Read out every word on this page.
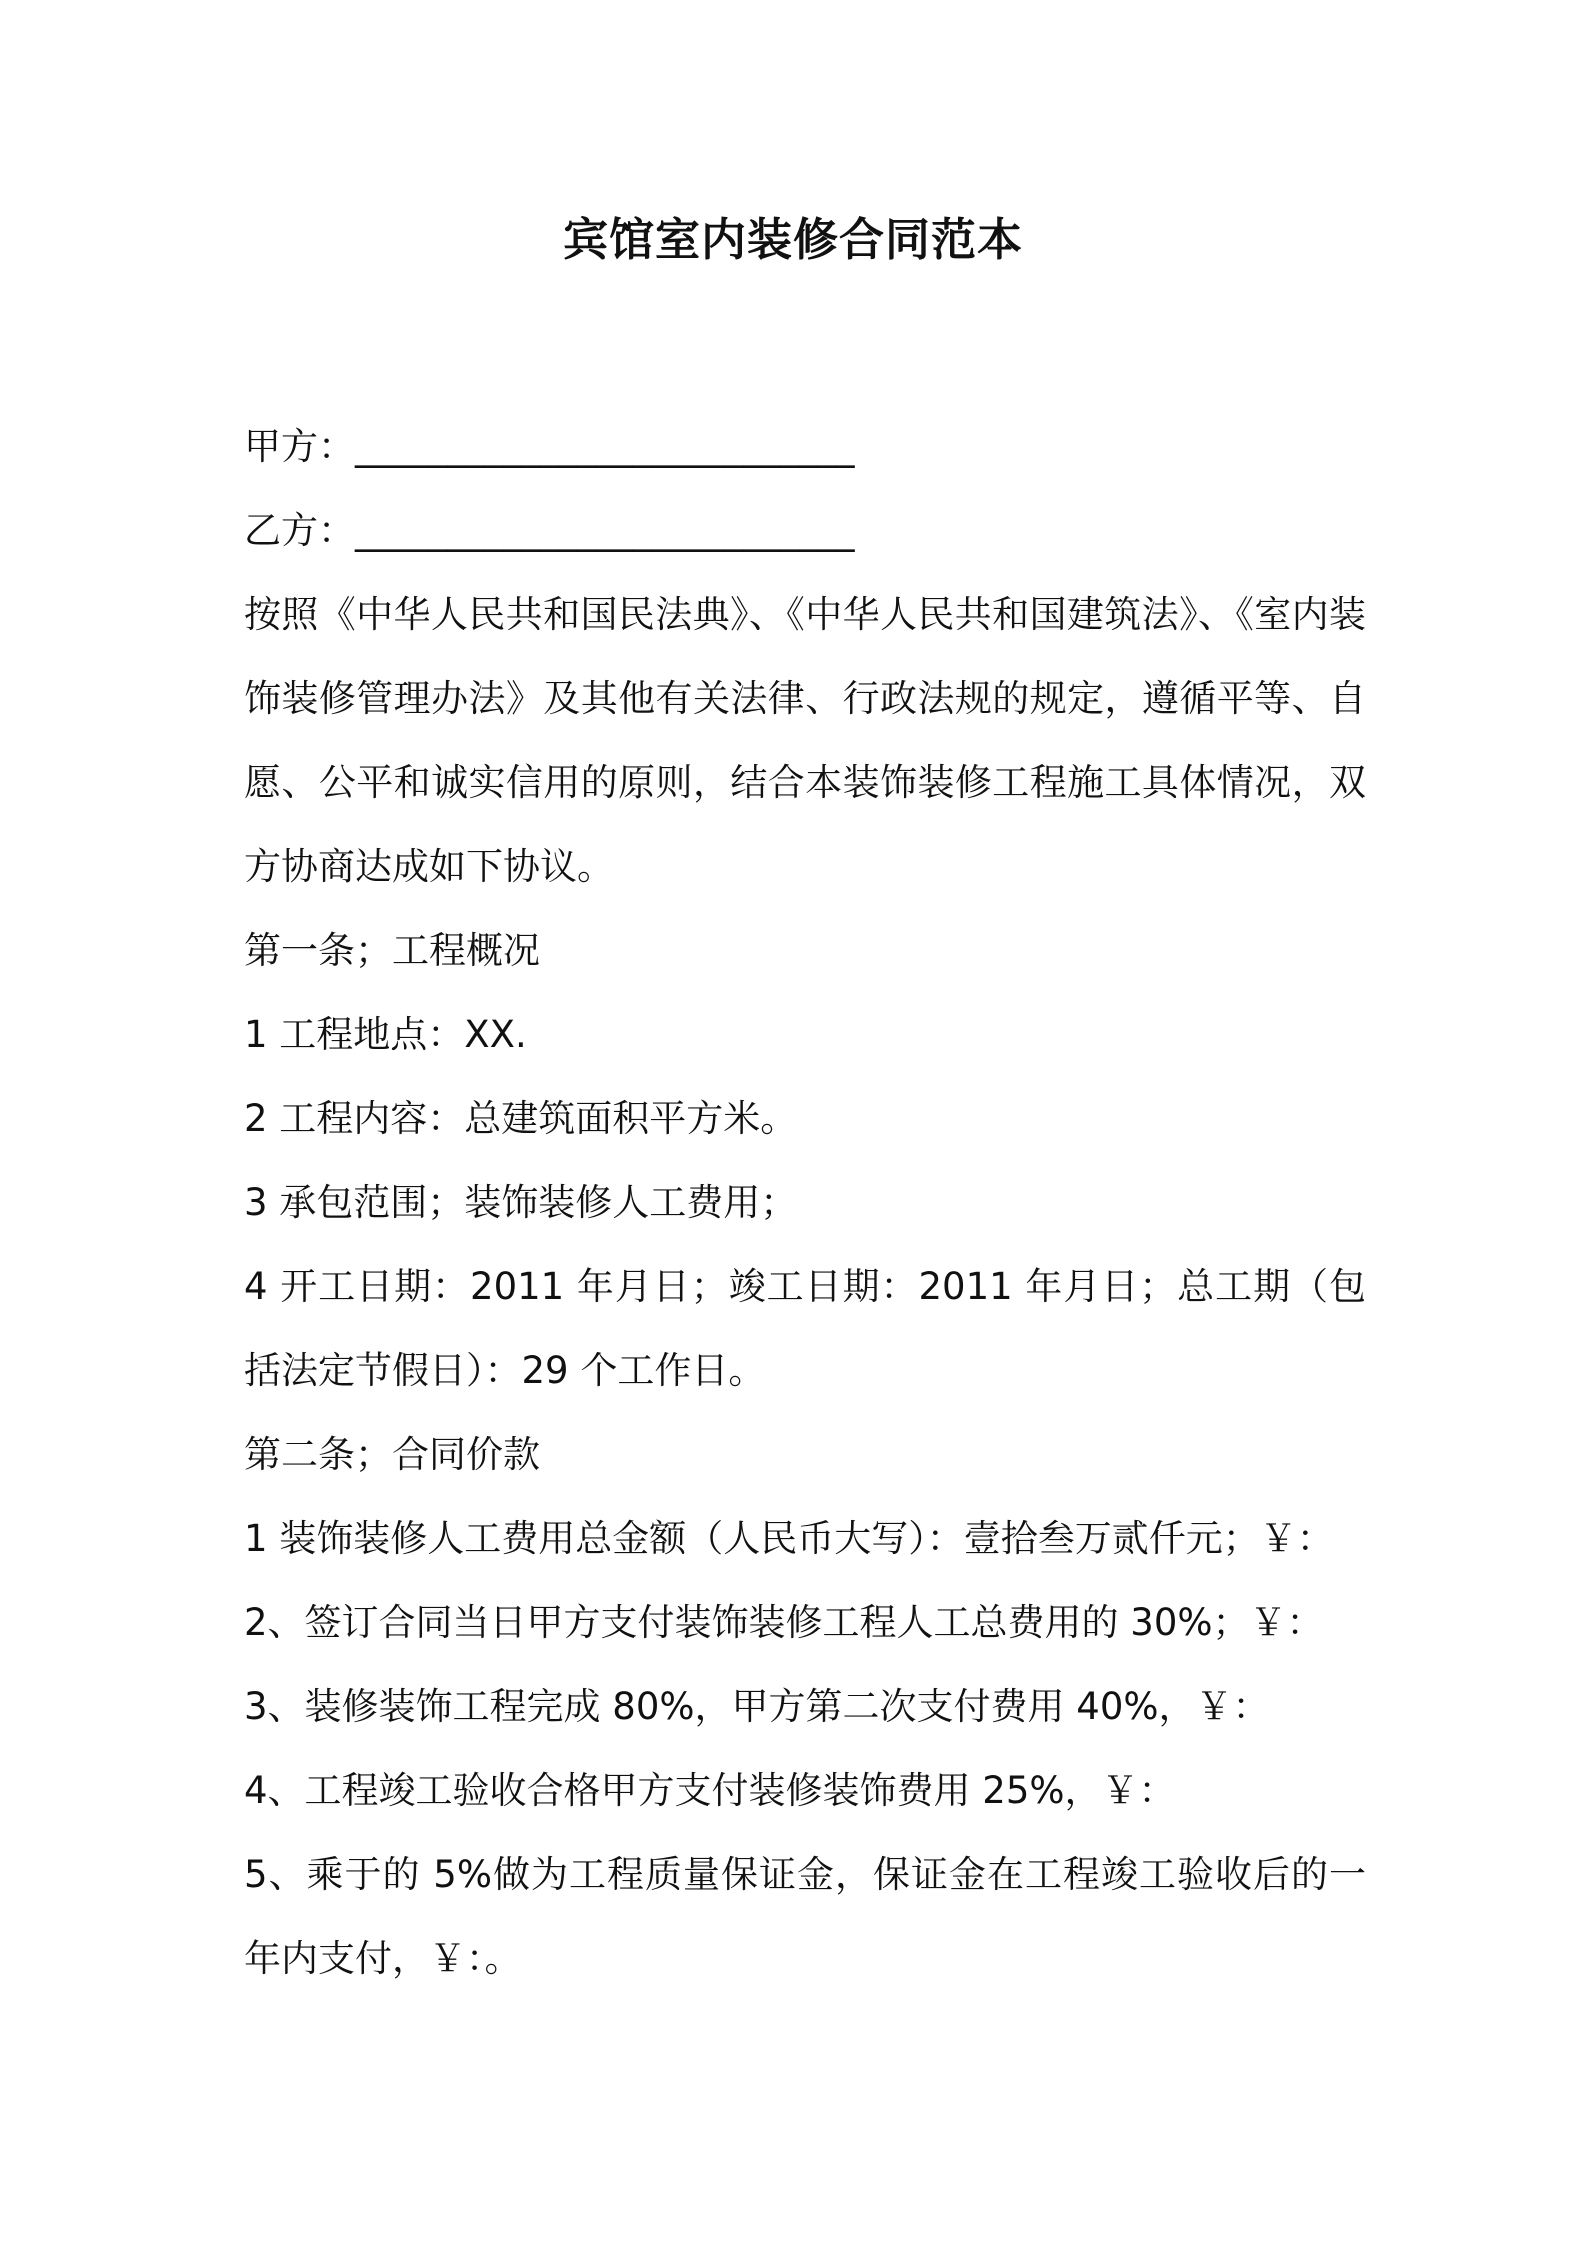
宾馆室内装修合同范本

甲方：___________________________

乙方：___________________________

按照《中华人民共和国民法典》、《中华人民共和国建筑法》、《室内装饰装修管理办法》及其他有关法律、行政法规的规定，遵循平等、自愿、公平和诚实信用的原则，结合本装饰装修工程施工具体情况，双方协商达成如下协议。

第一条；工程概况

1 工程地点：XX.

2 工程内容：总建筑面积平方米。

3 承包范围；装饰装修人工费用；

4 开工日期：2011 年月日；竣工日期：2011 年月日；总工期（包括法定节假日）：29 个工作日。

第二条；合同价款

1 装饰装修人工费用总金额（人民币大写）：壹拾叁万贰仟元；￥：

2、签订合同当日甲方支付装饰装修工程人工总费用的 30%；￥：

3、装修装饰工程完成 80%，甲方第二次支付费用 40%，￥：

4、工程竣工验收合格甲方支付装修装饰费用 25%，￥：

5、乘于的 5%做为工程质量保证金，保证金在工程竣工验收后的一年内支付，￥：。
